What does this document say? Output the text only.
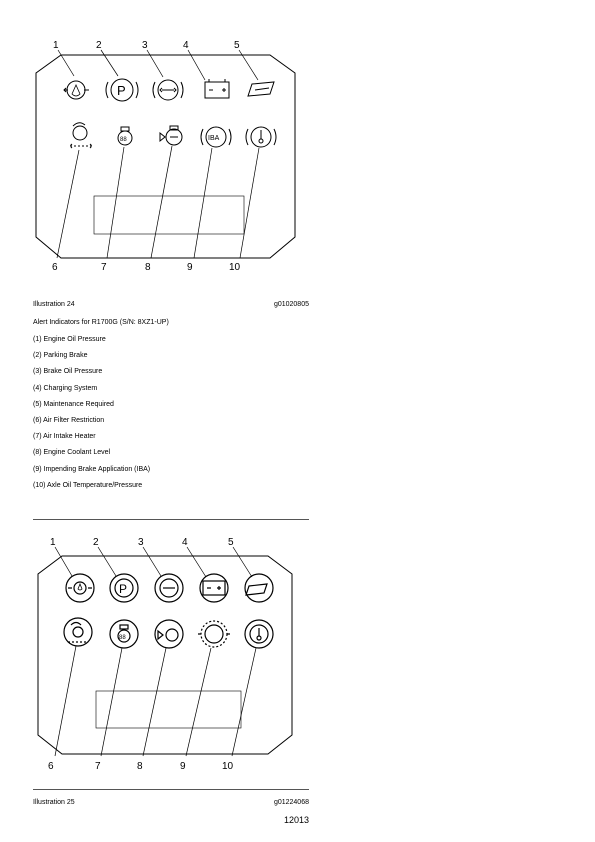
1	2	3	4	5
P
88	IBA
6	7	8	9	10
Illustration 24	g01020805
Alert Indicators for R1700G (S/N: 8XZ1-UP)
(1) Engine Oil Pressure
(2) Parking Brake
(3) Brake Oil Pressure
(4) Charging System
(5) Maintenance Required
(6) Air Filter Restriction
(7) Air Intake Heater
(8) Engine Coolant Level
(9) Impending Brake Application (IBA)
(10) Axle Oil Temperature/Pressure
1	2	3	4	5
P
88
6	7	8	9	10
Illustration 25	g01224068
12013
